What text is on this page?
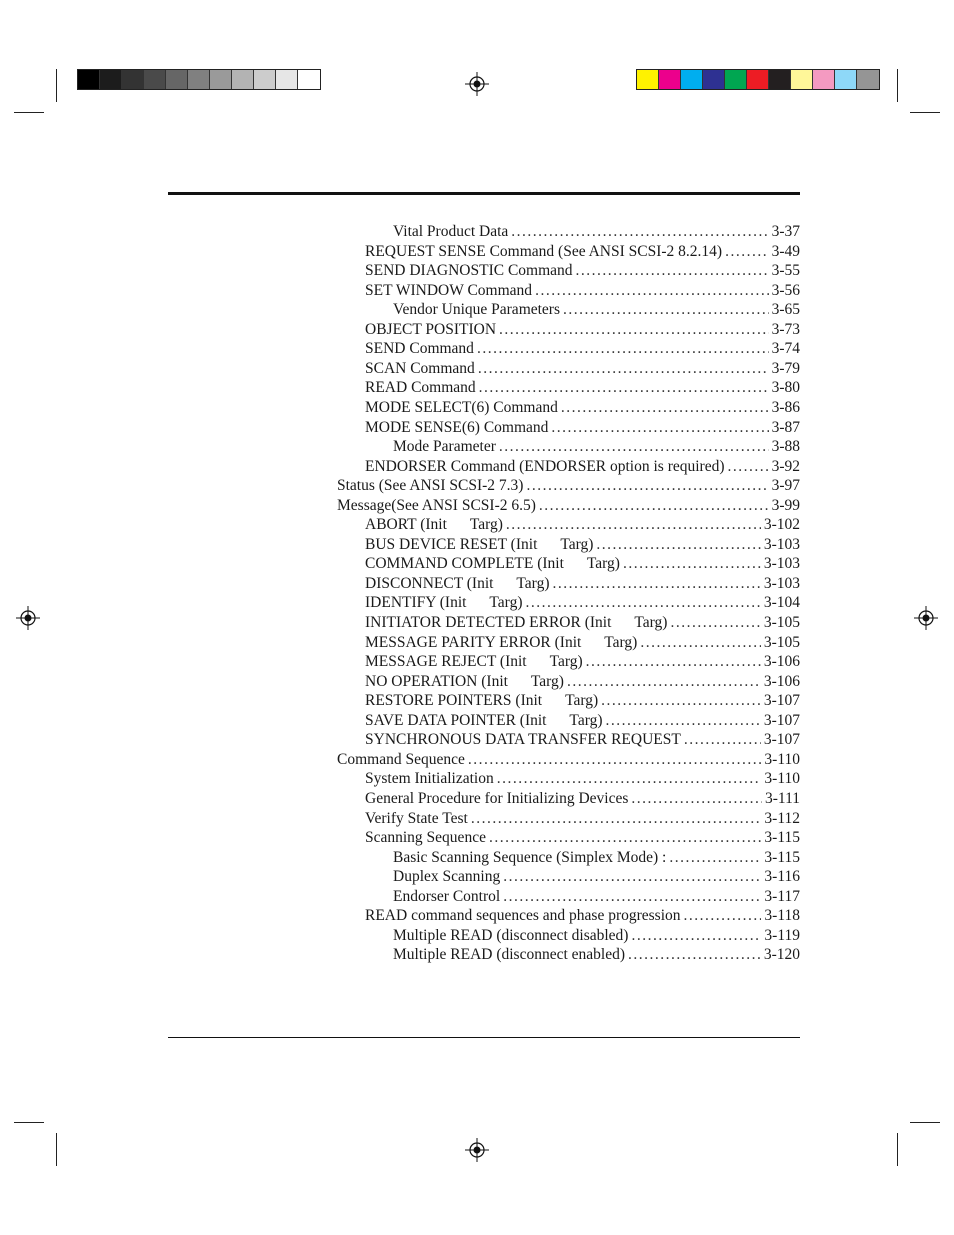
Vital Product Data .....	3-37
REQUEST SENSE Command (See ANSI SCSI-2 8.2.14) .....	3-49
SEND DIAGNOSTIC Command .....	3-55
SET WINDOW Command .....	3-56
Vendor Unique Parameters .....	3-65
OBJECT POSITION .....	3-73
SEND Command .....	3-74
SCAN Command .....	3-79
READ Command .....	3-80
MODE SELECT(6) Command .....	3-86
MODE SENSE(6) Command .....	3-87
Mode Parameter .....	3-88
ENDORSER Command (ENDORSER option is required) .....	3-92
Status (See ANSI SCSI-2 7.3) .....	3-97
Message(See ANSI SCSI-2 6.5) .....	3-99
ABORT (Init      Targ) .....	3-102
BUS DEVICE RESET (Init      Targ) .....	3-103
COMMAND COMPLETE (Init      Targ) .....	3-103
DISCONNECT (Init      Targ) .....	3-103
IDENTIFY (Init      Targ) .....	3-104
INITIATOR DETECTED ERROR (Init      Targ) .....	3-105
MESSAGE PARITY ERROR (Init      Targ) .....	3-105
MESSAGE REJECT (Init      Targ) .....	3-106
NO OPERATION (Init      Targ) .....	3-106
RESTORE POINTERS (Init      Targ) .....	3-107
SAVE DATA POINTER (Init      Targ) .....	3-107
SYNCHRONOUS DATA TRANSFER REQUEST .....	3-107
Command Sequence .....	3-110
System Initialization .....	3-110
General Procedure for Initializing Devices .....	3-111
Verify State Test .....	3-112
Scanning Sequence .....	3-115
Basic Scanning Sequence (Simplex Mode) : .....	3-115
Duplex Scanning .....	3-116
Endorser Control .....	3-117
READ command sequences and phase progression .....	3-118
Multiple READ (disconnect disabled) .....	3-119
Multiple READ (disconnect enabled) .....	3-120
